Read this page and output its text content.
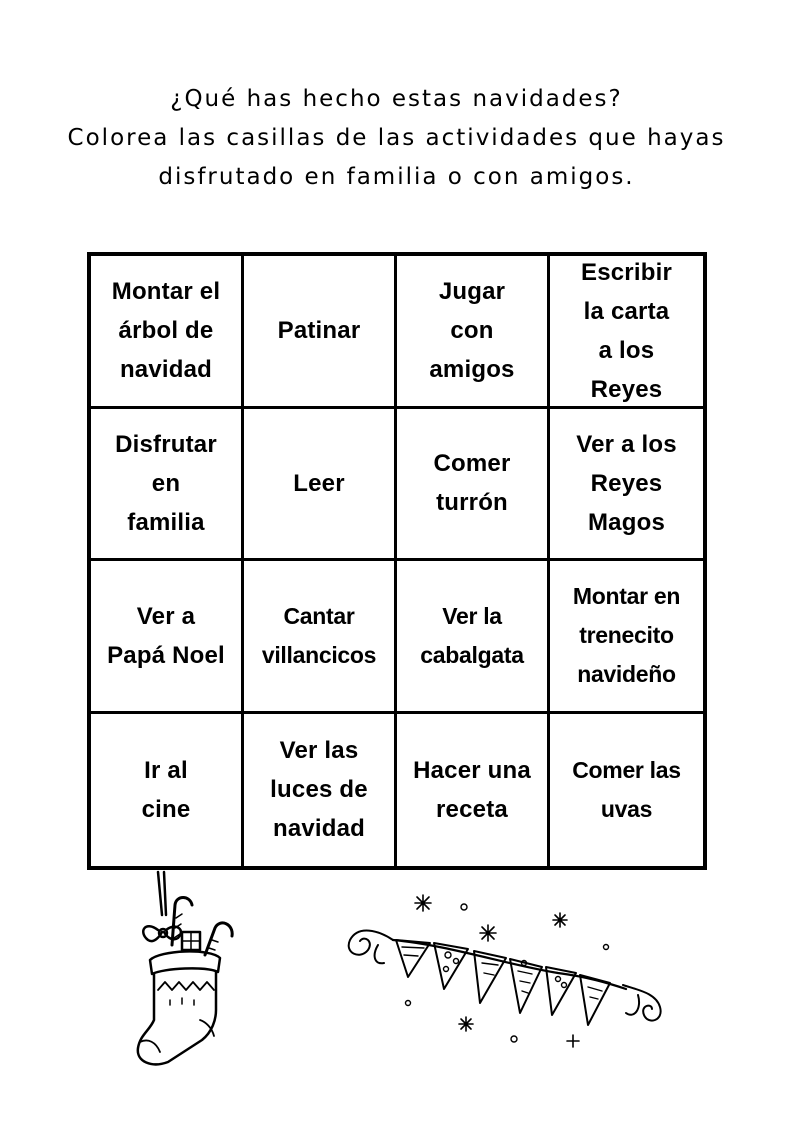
¿Qué has hecho estas navidades?
Colorea las casillas de las actividades que hayas
disfrutado en familia o con amigos.
Montar el
árbol de
navidad
Patinar
Jugar
con
amigos
Escribir
la carta
a los
Reyes
Disfrutar
en
familia
Leer
Comer
turrón
Ver a los
Reyes
Magos
Ver a
Papá Noel
Cantar
villancicos
Ver la
cabalgata
Montar en
trenecito
navideño
Ir al
cine
Ver las
luces de
navidad
Hacer una
receta
Comer las
uvas
